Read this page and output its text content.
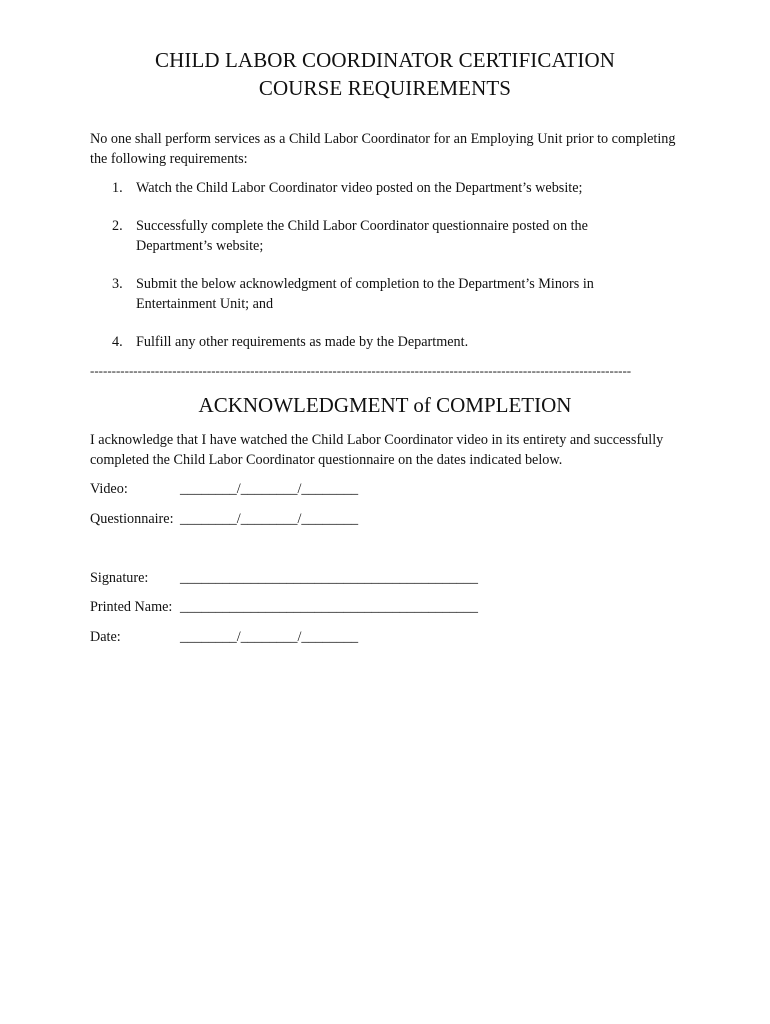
CHILD LABOR COORDINATOR CERTIFICATION
COURSE REQUIREMENTS
No one shall perform services as a Child Labor Coordinator for an Employing Unit prior to completing the following requirements:
1. Watch the Child Labor Coordinator video posted on the Department’s website;
2. Successfully complete the Child Labor Coordinator questionnaire posted on the Department’s website;
3. Submit the below acknowledgment of completion to the Department’s Minors in Entertainment Unit; and
4. Fulfill any other requirements as made by the Department.
-----------------------------------------------------------------------------------------------------------------------------
ACKNOWLEDGMENT of COMPLETION
I acknowledge that I have watched the Child Labor Coordinator video in its entirety and successfully completed the Child Labor Coordinator questionnaire on the dates indicated below.
Video:	________/________/________
Questionnaire: ________/________/________
Signature: __________________________________________
Printed Name: __________________________________________
Date:	________/________/________
